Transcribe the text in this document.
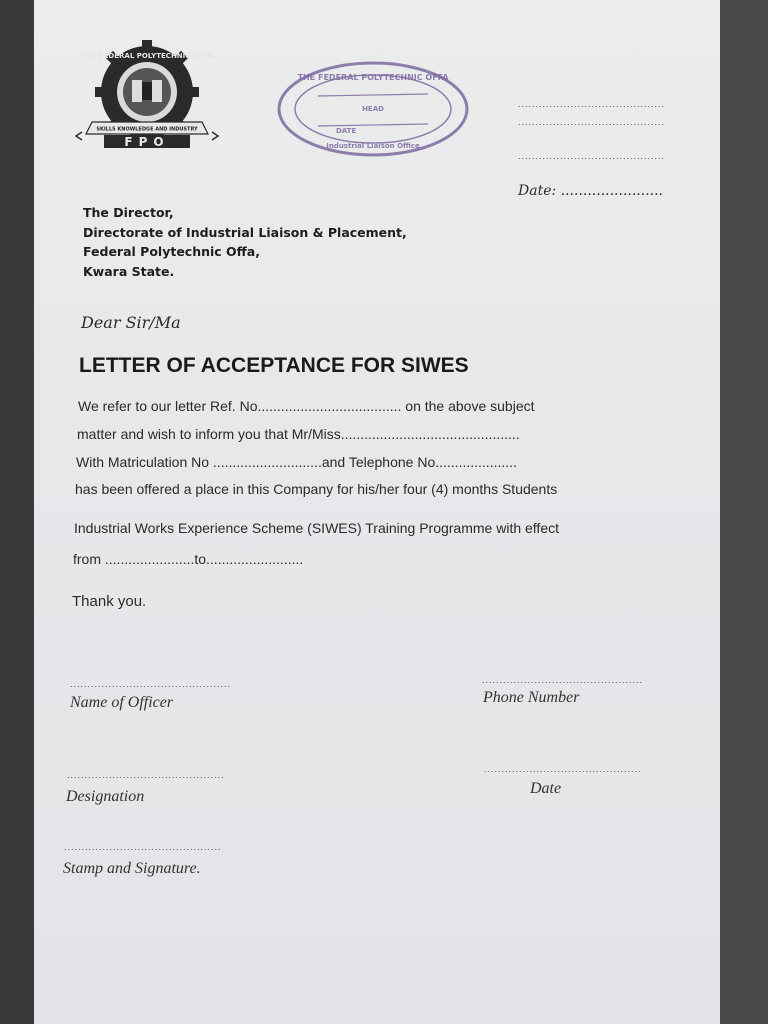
THE FEDERAL POLYTECHNIC OFFA
SKILLS KNOWLEDGE AND INDUSTRY
FPO
THE FEDERAL POLYTECHNIC OFFA
HEAD
DATE
Industrial Liaison Office
..........................................
..........................................
..........................................
Date: .......................
The Director,
Directorate of Industrial Liaison & Placement,
Federal Polytechnic Offa,
Kwara State.
Dear Sir/Ma
LETTER OF ACCEPTANCE FOR SIWES
We refer to our letter Ref. No..................................... on the above subject
matter and wish to inform you that Mr/Miss..............................................
With Matriculation No ............................and Telephone No.....................
has been offered a place in this Company for his/her four (4) months Students
Industrial Works Experience Scheme (SIWES) Training Programme with effect
from .......................to.........................
Thank you.
..............................................
Name of Officer
..............................................
Phone Number
.............................................
Designation
.............................................
Date
.............................................
Stamp and Signature.
